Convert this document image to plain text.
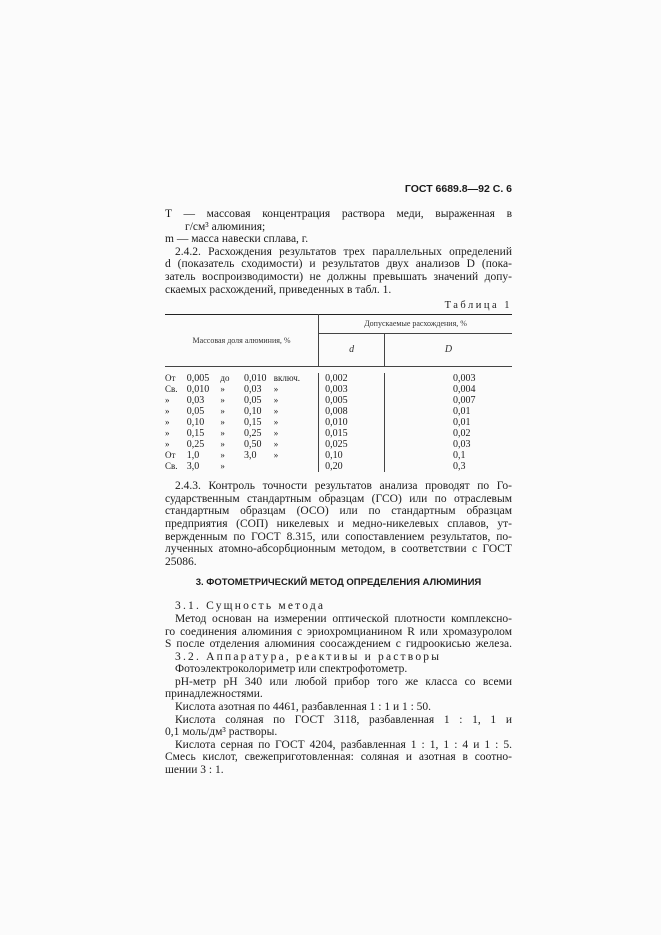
ГОСТ 6689.8—92 С. 6
T — массовая концентрация раствора меди, выраженная в
г/см³ алюминия;
m — масса навески сплава, г.
2.4.2. Расхождения результатов трех параллельных определений
d (показатель сходимости) и результатов двух анализов D (пока-
затель воспроизводимости) не должны превышать значений допу-
скаемых расхождений, приведенных в табл. 1.
Таблица 1
Массовая доля алюминия, %					Допускаемые расхождения, %	
					d	D

От	0,005	до	0,010	включ.	0,002	0,003
Св.	0,010	»	0,03	»	0,003	0,004
»	0,03	»	0,05	»	0,005	0,007
»	0,05	»	0,10	»	0,008	0,01
»	0,10	»	0,15	»	0,010	0,01
»	0,15	»	0,25	»	0,015	0,02
»	0,25	»	0,50	»	0,025	0,03
От	1,0	»	3,0	»	0,10	0,1
Св.	3,0	»			0,20	0,3
2.4.3. Контроль точности результатов анализа проводят по Го-
сударственным стандартным образцам (ГСО) или по отраслевым
стандартным образцам (ОСО) или по стандартным образцам
предприятия (СОП) никелевых и медно-никелевых сплавов, ут-
вержденным по ГОСТ 8.315, или сопоставлением результатов, по-
лученных атомно-абсорбционным методом, в соответствии с ГОСТ
25086.
3. ФОТОМЕТРИЧЕСКИЙ МЕТОД ОПРЕДЕЛЕНИЯ АЛЮМИНИЯ
3.1. Сущность метода
Метод основан на измерении оптической плотности комплексно-
го соединения алюминия с эриохромцианином R или хромазуролом
S после отделения алюминия соосаждением с гидроокисью железа.
3.2. Аппаратура, реактивы и растворы
Фотоэлектроколориметр или спектрофотометр.
pH-метр pH 340 или любой прибор того же класса со всеми
принадлежностями.
Кислота азотная по 4461, разбавленная 1 : 1 и 1 : 50.
Кислота соляная по ГОСТ 3118, разбавленная 1 : 1, 1 и
0,1 моль/дм³ растворы.
Кислота серная по ГОСТ 4204, разбавленная 1 : 1, 1 : 4 и 1 : 5.
Смесь кислот, свежеприготовленная: соляная и азотная в соотно-
шении 3 : 1.
